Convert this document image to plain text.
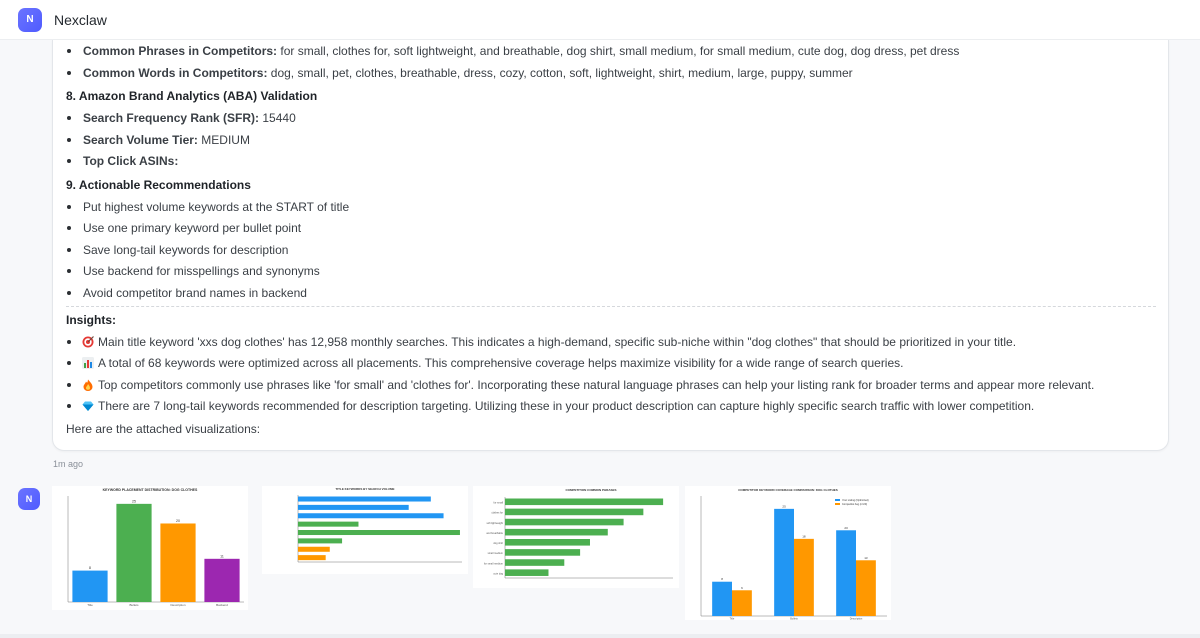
N Nexclaw
Common Phrases in Competitors: for small, clothes for, soft lightweight, and breathable, dog shirt, small medium, for small medium, cute dog, dog dress, pet dress
Common Words in Competitors: dog, small, pet, clothes, breathable, dress, cozy, cotton, soft, lightweight, shirt, medium, large, puppy, summer
8. Amazon Brand Analytics (ABA) Validation
Search Frequency Rank (SFR): 15440
Search Volume Tier: MEDIUM
Top Click ASINs:
9. Actionable Recommendations
Put highest volume keywords at the START of title
Use one primary keyword per bullet point
Save long-tail keywords for description
Use backend for misspellings and synonyms
Avoid competitor brand names in backend
Insights:
Main title keyword 'xxs dog clothes' has 12,958 monthly searches. This indicates a high-demand, specific sub-niche within "dog clothes" that should be prioritized in your title.
A total of 68 keywords were optimized across all placements. This comprehensive coverage helps maximize visibility for a wide range of search queries.
Top competitors commonly use phrases like 'for small' and 'clothes for'. Incorporating these natural language phrases can help your listing rank for broader terms and appear more relevant.
There are 7 long-tail keywords recommended for description targeting. Utilizing these in your product description can capture highly specific search traffic with lower competition.
Here are the attached visualizations:
1m ago
N
KEYWORD PLACEMENT DISTRIBUTION: DOG CLOTHES
8
Title
25
Bullets
20
Description
11
Backend
TITLE KEYWORDS BY SEARCH VOLUME	COMPETITION COMMON PHRASES
for small
clothes for
soft lightweight
and breathable
dog shirt
small medium
for small medium
cute dog
COMPETITOR KEYWORD COVERAGE COMPARISON: DOG CLOTHES
Your Listing (Optimized)
Competitor Avg (n=20)
8
6
Title
25
18
Bullets
20
13
Description
